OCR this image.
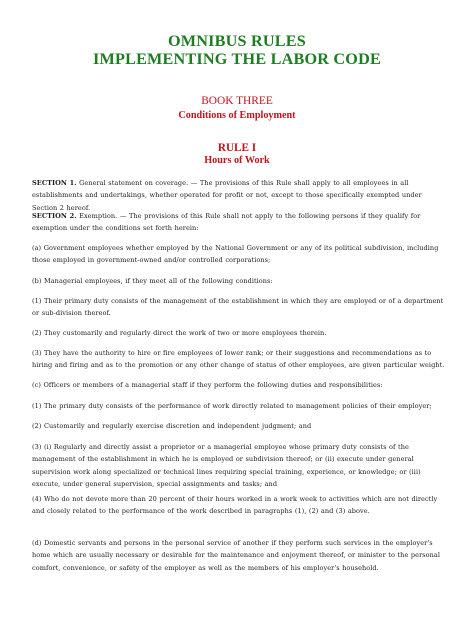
OMNIBUS RULES
IMPLEMENTING THE LABOR CODE
BOOK THREE
Conditions of Employment
RULE I
Hours of Work

SECTION 1. General statement on coverage. — The provisions of this Rule shall apply to all employees in all establishments and undertakings, whether operated for profit or not, except to those specifically exempted under Section 2 hereof.

SECTION 2. Exemption. — The provisions of this Rule shall not apply to the following persons if they qualify for exemption under the conditions set forth herein:

(a) Government employees whether employed by the National Government or any of its political subdivision, including those employed in government-owned and/or controlled corporations;

(b) Managerial employees, if they meet all of the following conditions:

(1) Their primary duty consists of the management of the establishment in which they are employed or of a department or sub-division thereof.

(2) They customarily and regularly direct the work of two or more employees therein.

(3) They have the authority to hire or fire employees of lower rank; or their suggestions and recommendations as to hiring and firing and as to the promotion or any other change of status of other employees, are given particular weight.

(c) Officers or members of a managerial staff if they perform the following duties and responsibilities:

(1) The primary duty consists of the performance of work directly related to management policies of their employer;

(2) Customarily and regularly exercise discretion and independent judgment; and

(3) (i) Regularly and directly assist a proprietor or a managerial employee whose primary duty consists of the management of the establishment in which he is employed or subdivision thereof; or (ii) execute under general supervision work along specialized or technical lines requiring special training, experience, or knowledge; or (iii) execute, under general supervision, special assignments and tasks; and

(4) Who do not devote more than 20 percent of their hours worked in a work week to activities which are not directly and closely related to the performance of the work described in paragraphs (1), (2) and (3) above.

(d) Domestic servants and persons in the personal service of another if they perform such services in the employer's home which are usually necessary or desirable for the maintenance and enjoyment thereof, or minister to the personal comfort, convenience, or safety of the employer as well as the members of his employer's household.
